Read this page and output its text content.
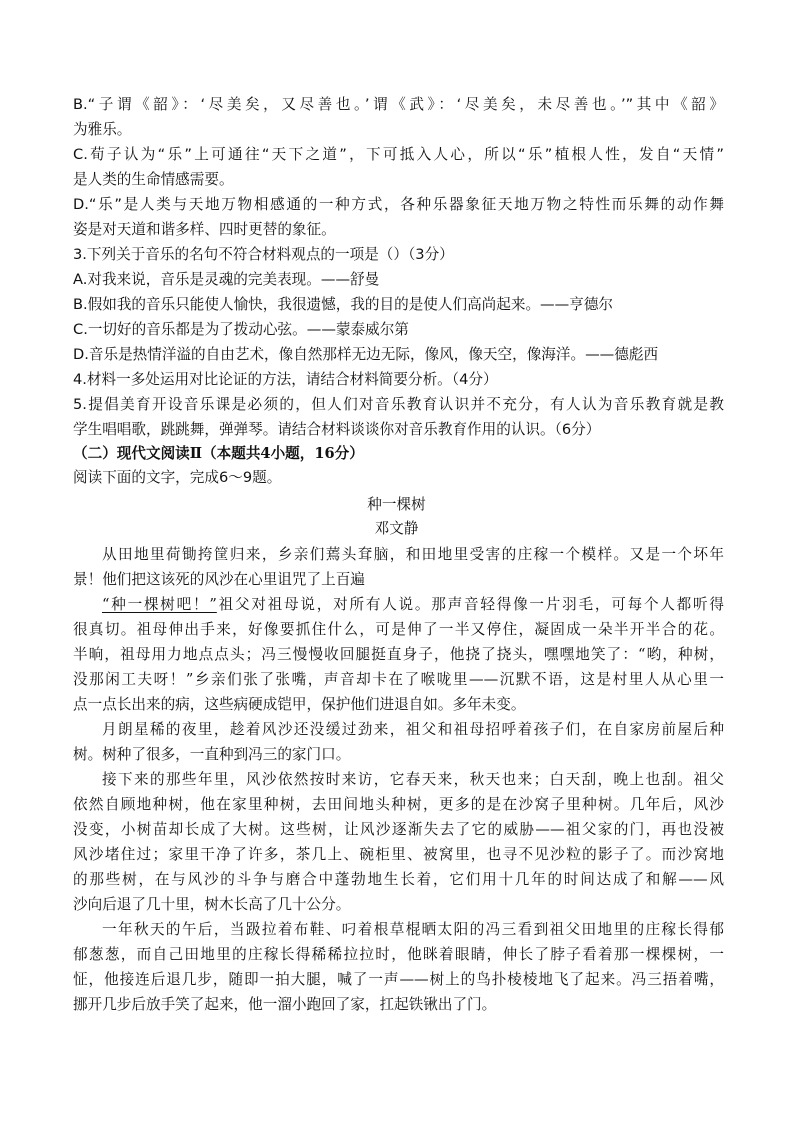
B.“子谓《韶》：‘尽美矣，又尽善也。’谓《武》：‘尽美矣，未尽善也。’”其中《韶》
为雅乐。
C.荀子认为“乐”上可通往“天下之道”，下可抵入人心，所以“乐”植根人性，发自“天情”
是人类的生命情感需要。
D.“乐”是人类与天地万物相感通的一种方式，各种乐器象征天地万物之特性而乐舞的动作舞
姿是对天道和谐多样、四时更替的象征。
3.下列关于音乐的名句不符合材料观点的一项是（）（3分）
A.对我来说，音乐是灵魂的完美表现。——舒曼
B.假如我的音乐只能使人愉快，我很遗憾，我的目的是使人们高尚起来。——亨德尔
C.一切好的音乐都是为了拨动心弦。——蒙泰威尔第
D.音乐是热情洋溢的自由艺术，像自然那样无边无际，像风，像天空，像海洋。——德彪西
4.材料一多处运用对比论证的方法，请结合材料简要分析。（4分）
5.提倡美育开设音乐课是必须的，但人们对音乐教育认识并不充分，有人认为音乐教育就是教
学生唱唱歌，跳跳舞，弹弹琴。请结合材料谈谈你对音乐教育作用的认识。（6分）
（二）现代文阅读Ⅱ（本题共4小题，16分）
阅读下面的文字，完成6～9题。
种一棵树
邓文静
从田地里荷锄挎筐归来，乡亲们蔫头耷脑，和田地里受害的庄稼一个模样。又是一个坏年
景！他们把这该死的风沙在心里诅咒了上百遍
“种一棵树吧！”祖父对祖母说，对所有人说。那声音轻得像一片羽毛，可每个人都听得
很真切。祖母伸出手来，好像要抓住什么，可是伸了一半又停住，凝固成一朵半开半合的花。
半晌，祖母用力地点点头；冯三慢慢收回腿挺直身子，他挠了挠头，嘿嘿地笑了：“哟，种树，
没那闲工夫呀！”乡亲们张了张嘴，声音却卡在了喉咙里——沉默不语，这是村里人从心里一
点一点长出来的病，这些病硬成铠甲，保护他们进退自如。多年未变。
月朗星稀的夜里，趁着风沙还没缓过劲来，祖父和祖母招呼着孩子们，在自家房前屋后种
树。树种了很多，一直种到冯三的家门口。
接下来的那些年里，风沙依然按时来访，它春天来，秋天也来；白天刮，晚上也刮。祖父
依然自顾地种树，他在家里种树，去田间地头种树，更多的是在沙窝子里种树。几年后，风沙
没变，小树苗却长成了大树。这些树，让风沙逐渐失去了它的威胁——祖父家的门，再也没被
风沙堵住过；家里干净了许多，茶几上、碗柜里、被窝里，也寻不见沙粒的影子了。而沙窝地
的那些树，在与风沙的斗争与磨合中蓬勃地生长着，它们用十几年的时间达成了和解——风
沙向后退了几十里，树木长高了几十公分。
一年秋天的午后，当趿拉着布鞋、叼着根草棍晒太阳的冯三看到祖父田地里的庄稼长得郁
郁葱葱，而自己田地里的庄稼长得稀稀拉拉时，他眯着眼睛，伸长了脖子看着那一棵棵树，一
怔，他接连后退几步，随即一拍大腿，喊了一声——树上的鸟扑棱棱地飞了起来。冯三捂着嘴，
挪开几步后放手笑了起来，他一溜小跑回了家，扛起铁锹出了门。
